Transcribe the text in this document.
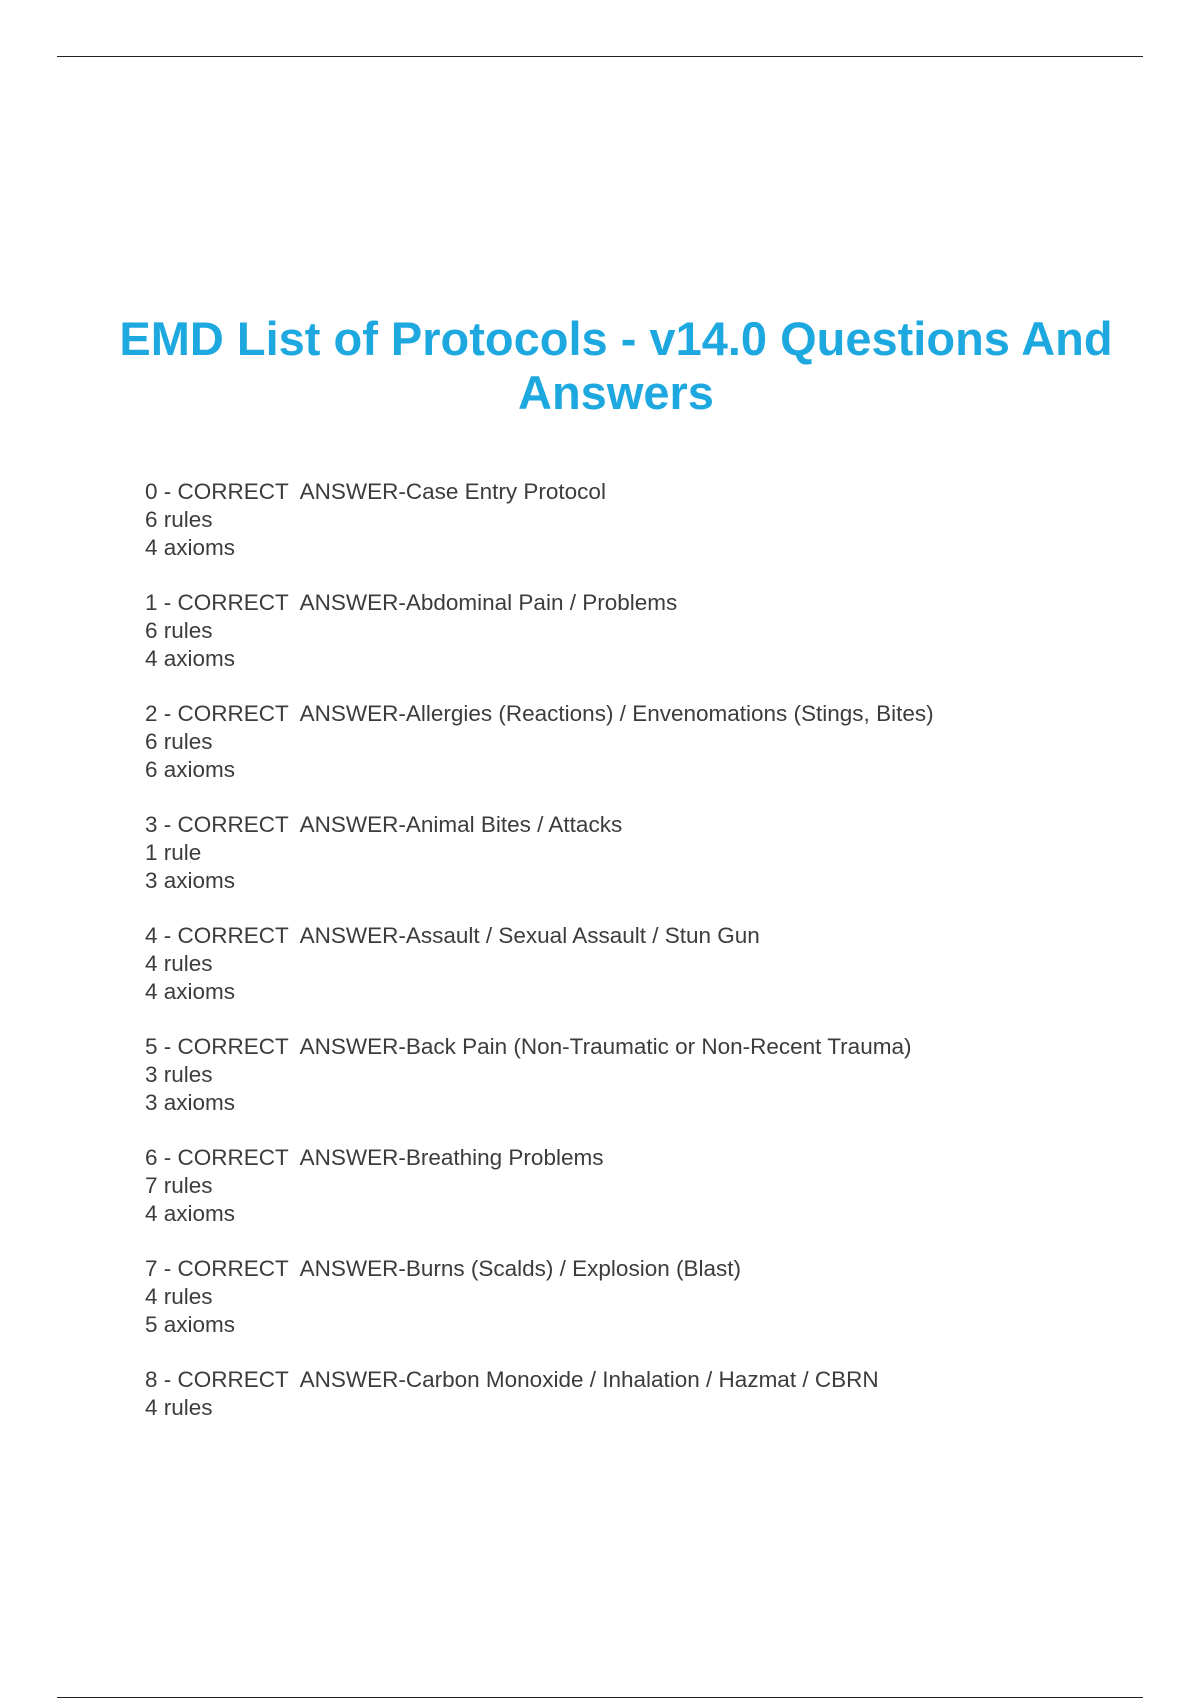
EMD List of Protocols - v14.0 Questions And Answers
0 - CORRECT  ANSWER-Case Entry Protocol
6 rules
4 axioms
1 - CORRECT  ANSWER-Abdominal Pain / Problems
6 rules
4 axioms
2 - CORRECT  ANSWER-Allergies (Reactions) / Envenomations (Stings, Bites)
6 rules
6 axioms
3 - CORRECT  ANSWER-Animal Bites / Attacks
1 rule
3 axioms
4 - CORRECT  ANSWER-Assault / Sexual Assault / Stun Gun
4 rules
4 axioms
5 - CORRECT  ANSWER-Back Pain (Non-Traumatic or Non-Recent Trauma)
3 rules
3 axioms
6 - CORRECT  ANSWER-Breathing Problems
7 rules
4 axioms
7 - CORRECT  ANSWER-Burns (Scalds) / Explosion (Blast)
4 rules
5 axioms
8 - CORRECT  ANSWER-Carbon Monoxide / Inhalation / Hazmat / CBRN
4 rules
